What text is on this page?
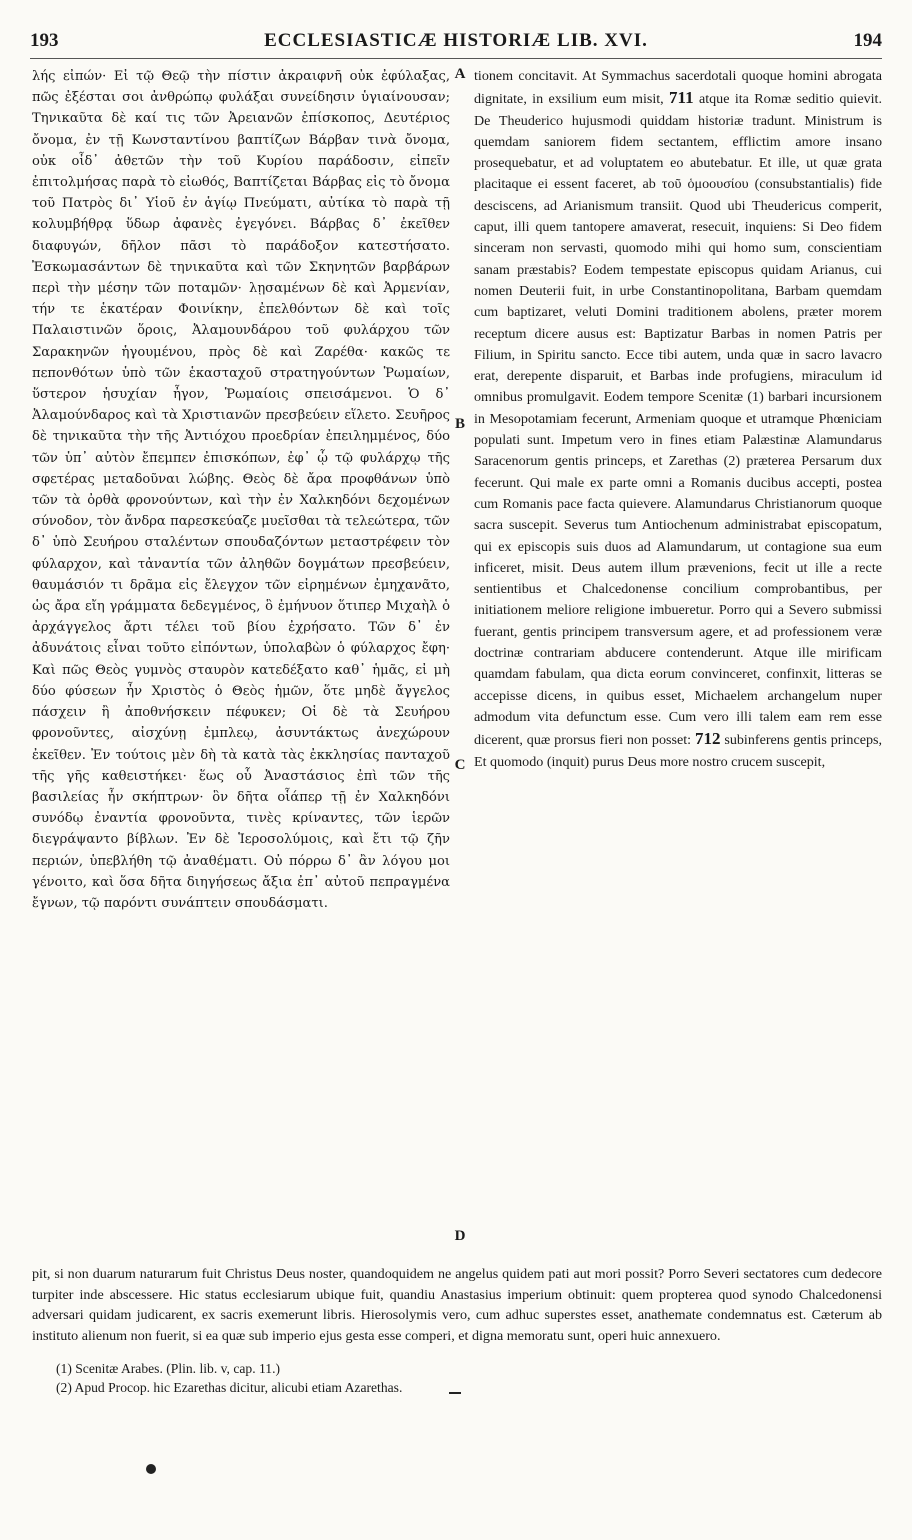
193	ECCLESIASTICÆ HISTORIÆ LIB. XVI.	194
λής εἰπών· Εἰ τῷ Θεῷ τὴν πίστιν ἀκραιφνῆ οὐκ ἐφύλαξας, πῶς ἐξέσται σοι ἀνθρώπῳ φυλάξαι συνείδησιν ὑγιαίνουσαν; Τηνικαῦτα δὲ καί τις τῶν Ἀρειανῶν ἐπίσκοπος, Δευτέριος ὄνομα, ἐν τῇ Κωνσταντίνου βαπτίζων Βάρβαν τινὰ ὄνομα, οὐκ οἶδ᾽ ἀθετῶν τὴν τοῦ Κυρίου παράδοσιν, εἰπεῖν ἐπιτολμήσας παρὰ τὸ εἰωθός, Βαπτίζεται Βάρβας εἰς τὸ ὄνομα τοῦ Πατρὸς δι᾽ Υἱοῦ ἐν ἁγίῳ Πνεύματι, αὐτίκα τὸ παρὰ τῇ κολυμβήθρᾳ ὕδωρ ἀφανὲς ἐγεγόνει. Βάρβας δ᾽ ἐκεῖθεν διαφυγών, δῆλον πᾶσι τὸ παράδοξον κατεστήσατο. Ἐσκωμασάντων δὲ τηνικαῦτα καὶ τῶν Σκηνητῶν βαρβάρων περὶ τὴν μέσην τῶν ποταμῶν· λῃσαμένων δὲ καὶ Ἀρμενίαν, τήν τε ἑκατέραν Φοινίκην, ἐπελθόντων δὲ καὶ τοῖς Παλαιστινῶν ὅροις, Ἀλαμουνδάρου τοῦ φυλάρχου τῶν Σαρακηνῶν ἡγουμένου, πρὸς δὲ καὶ Ζαρέθα· κακῶς τε πεπονθότων ὑπὸ τῶν ἑκασταχοῦ στρατηγούντων Ῥωμαίων, ὕστερον ἡσυχίαν ἦγον, Ῥωμαίοις σπεισάμενοι. Ὁ δ᾽ Ἀλαμούνδαρος καὶ τὰ Χριστιανῶν πρεσβεύειν εἵλετο. Σευῆρος δὲ τηνικαῦτα τὴν τῆς Ἀντιόχου προεδρίαν ἐπειλημμένος, δύο τῶν ὑπ᾽ αὐτὸν ἔπεμπεν ἐπισκόπων, ἐφ᾽ ᾧ τῷ φυλάρχῳ τῆς σφετέρας μεταδοῦναι λώβης. Θεὸς δὲ ἄρα προφθάνων ὑπὸ τῶν τὰ ὀρθὰ φρονούντων, καὶ τὴν ἐν Χαλκηδόνι δεχομένων σύνοδον, τὸν ἄνδρα παρεσκεύαζε μυεῖσθαι τὰ τελεώτερα, τῶν δ᾽ ὑπὸ Σευήρου σταλέντων σπουδαζόντων μεταστρέφειν τὸν φύλαρχον, καὶ τἀναντία τῶν ἀληθῶν δογμάτων πρεσβεύειν, θαυμάσιόν τι δρᾶμα εἰς ἔλεγχον τῶν εἰρημένων ἐμηχανᾶτο, ὡς ἄρα εἴη γράμματα δεδεγμένος, ὃ ἐμήνυον ὅτιπερ Μιχαὴλ ὁ ἀρχάγγελος ἄρτι τέλει τοῦ βίου ἐχρήσατο. Τῶν δ᾽ ἐν ἀδυνάτοις εἶναι τοῦτο εἰπόντων, ὑπολαβὼν ὁ φύλαρχος ἔφη· Καὶ πῶς Θεὸς γυμνὸς σταυρὸν κατεδέξατο καθ᾽ ἡμᾶς, εἰ μὴ δύο φύσεων ἦν Χριστὸς ὁ Θεὸς ἡμῶν, ὅτε μηδὲ ἄγγελος πάσχειν ἢ ἀποθνήσκειν πέφυκεν; Οἱ δὲ τὰ Σευήρου φρονοῦντες, αἰσχύνῃ ἐμπλεῳ, ἀσυντάκτως ἀνεχώρουν ἐκεῖθεν. Ἐν τούτοις μὲν δὴ τὰ κατὰ τὰς ἐκκλησίας πανταχοῦ τῆς γῆς καθειστήκει· ἕως οὗ Ἀναστάσιος ἐπὶ τῶν τῆς βασιλείας ἦν σκήπτρων· ὃν δῆτα οἷάπερ τῇ ἐν Χαλκηδόνι συνόδῳ ἐναντία φρονοῦντα, τινὲς κρίναντες, τῶν ἱερῶν διεγράψαντο βίβλων. Ἐν δὲ Ἱεροσολύμοις, καὶ ἔτι τῷ ζῆν περιών, ὑπεβλήθη τῷ ἀναθέματι. Οὐ πόρρω δ᾽ ἂν λόγου μοι γένοιτο, καὶ ὅσα δῆτα διηγήσεως ἄξια ἐπ᾽ αὐτοῦ πεπραγμένα ἔγνων, τῷ παρόντι συνάπτειν σπουδάσματι.
A
B
C
D
tionem concitavit. At Symmachus sacerdotali quoque homini abrogata dignitate, in exsilium eum misit, 711 atque ita Romæ seditio quievit. De Theuderico hujusmodi quiddam historiæ tradunt. Ministrum is quemdam saniorem fidem sectantem, efflictim amore insano prosequebatur, et ad voluptatem eo abutebatur. Et ille, ut quæ grata placitaque ei essent faceret, ab τοῦ ὁμοουσίου (consubstantialis) fide desciscens, ad Arianismum transiit. Quod ubi Theudericus comperit, caput, illi quem tantopere amaverat, resecuit, inquiens: Si Deo fidem sinceram non servasti, quomodo mihi qui homo sum, conscientiam sanam præstabis? Eodem tempestate episcopus quidam Arianus, cui nomen Deuterii fuit, in urbe Constantinopolitana, Barbam quemdam cum baptizaret, veluti Domini traditionem abolens, præter morem receptum dicere ausus est: Baptizatur Barbas in nomen Patris per Filium, in Spiritu sancto. Ecce tibi autem, unda quæ in sacro lavacro erat, derepente disparuit, et Barbas inde profugiens, miraculum id omnibus promulgavit. Eodem tempore Scenitæ (1) barbari incursionem in Mesopotamiam fecerunt, Armeniam quoque et utramque Phœniciam populati sunt. Impetum vero in fines etiam Palæstinæ Alamundarus Saracenorum gentis princeps, et Zarethas (2) præterea Persarum dux fecerunt. Qui male ex parte omni a Romanis ducibus accepti, postea cum Romanis pace facta quievere. Alamundarus Christianorum quoque sacra suscepit. Severus tum Antiochenum administrabat episcopatum, qui ex episcopis suis duos ad Alamundarum, ut contagione sua eum inficeret, misit. Deus autem illum prævenions, fecit ut ille a recte sentientibus et Chalcedonense concilium comprobantibus, per initiationem meliore religione imbueretur. Porro qui a Severo submissi fuerant, gentis principem transversum agere, et ad professionem veræ doctrinæ contrariam abducere contenderunt. Atque ille mirificam quamdam fabulam, qua dicta eorum convinceret, confinxit, litteras se accepisse dicens, in quibus esset, Michaelem archangelum nuper admodum vita defunctum esse. Cum vero illi talem eam rem esse dicerent, quæ prorsus fieri non posset: 712 subinferens gentis princeps, Et quomodo (inquit) purus Deus more nostro crucem suscepit,
pit, si non duarum naturarum fuit Christus Deus noster, quandoquidem ne angelus quidem pati aut mori possit? Porro Severi sectatores cum dedecore turpiter inde abscessere. Hic status ecclesiarum ubique fuit, quandiu Anastasius imperium obtinuit: quem propterea quod synodo Chalcedonensi adversari quidam judicarent, ex sacris exemerunt libris. Hierosolymis vero, cum adhuc superstes esset, anathemate condemnatus est. Cæterum ab instituto alienum non fuerit, si ea quæ sub imperio ejus gesta esse comperi, et digna memoratu sunt, operi huic annexuero.
(1) Scenitæ Arabes. (Plin. lib. v, cap. 11.)
(2) Apud Procop. hic Ezarethas dicitur, alicubi etiam Azarethas.
